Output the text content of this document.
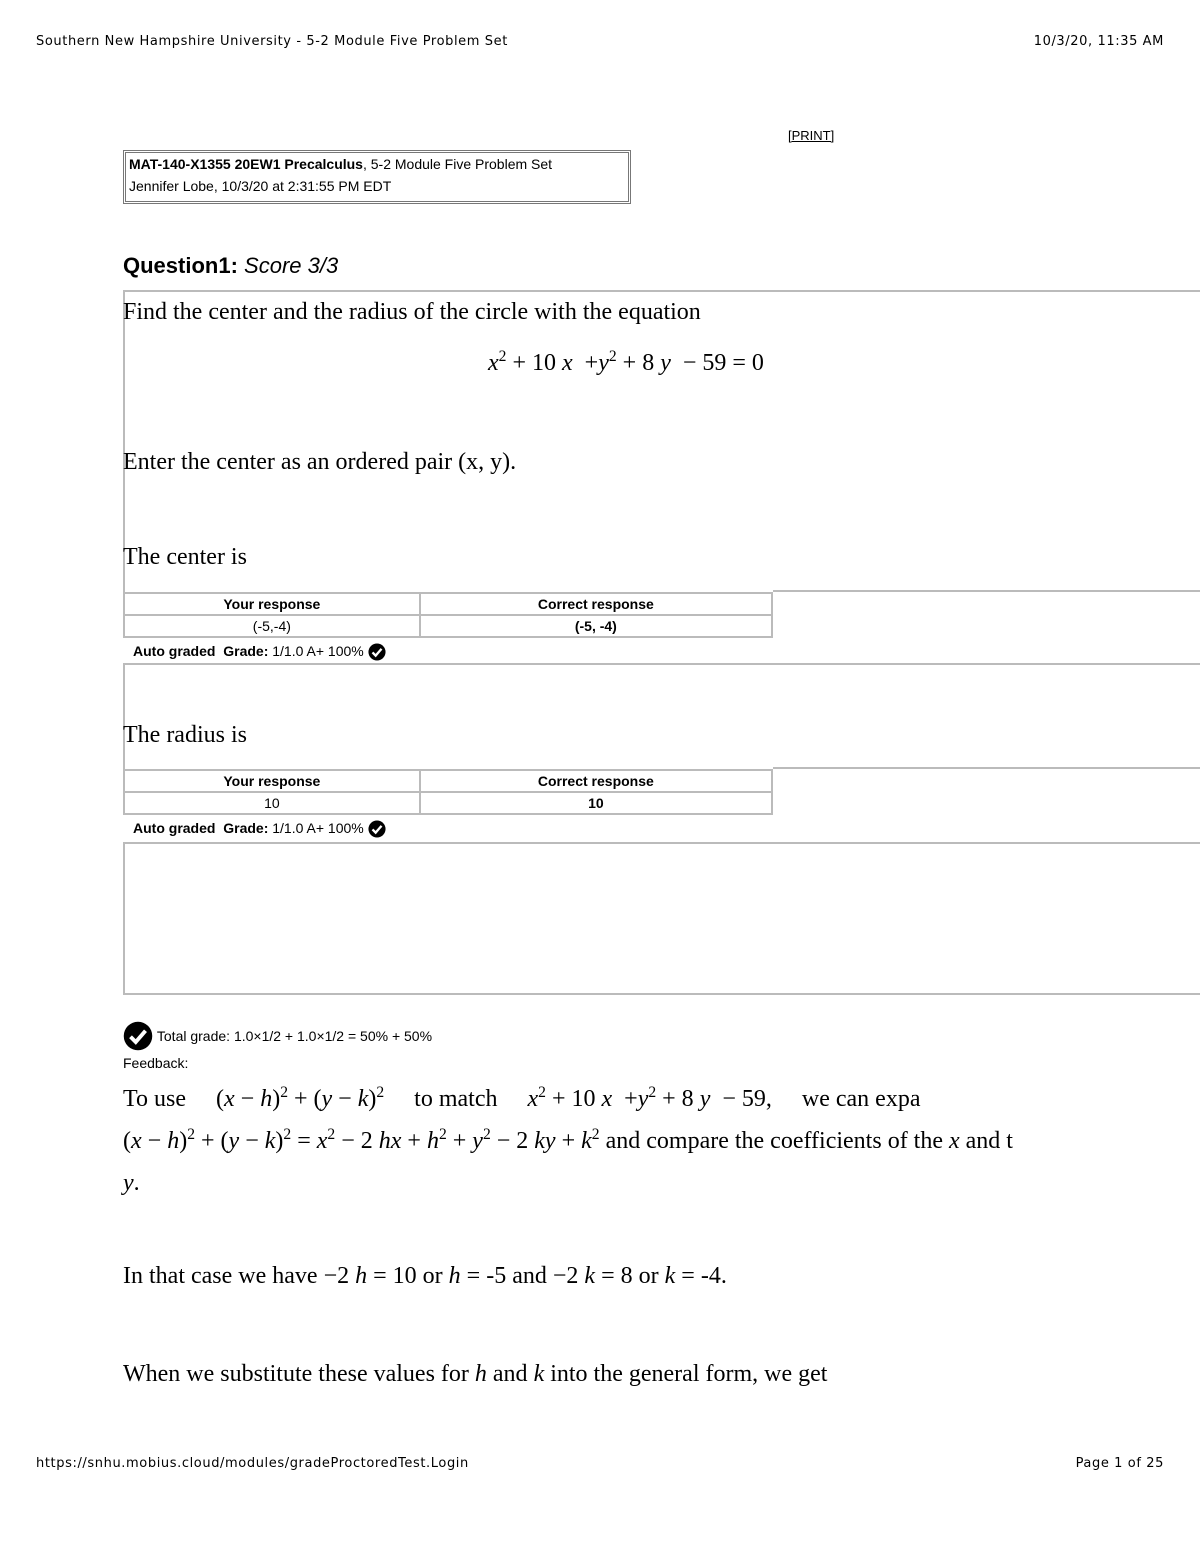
Southern New Hampshire University - 5-2 Module Five Problem Set	10/3/20, 11:35 AM
https://snhu.mobius.cloud/modules/gradeProctoredTest.Login	Page 1 of 25
[PRINT]
MAT-140-X1355 20EW1 Precalculus, 5-2 Module Five Problem Set
Jennifer Lobe, 10/3/20 at 2:31:55 PM EDT
Question1: Score 3/3
Find the center and the radius of the circle with the equation
$x^2 + 10$ $x +y^2 + 8$ y  − 59 = 0
Enter the center as an ordered pair (x, y).
The center is
Your response	Correct response
(-5,-4)	(-5, -4)
Auto graded Grade: 1/1.0 A+ 100%
The radius is
Your response	Correct response
10	10
Auto graded Grade: 1/1.0 A+ 100%
Total grade: 1.0×1/2 + 1.0×1/2 = 50% + 50%
Feedback:
To use     $(x - h)^2 + (y - k)^2$ to match $x^2 + 10$ $x +y^2 + 8$ y  − 59,     we can expa
$(x - h)^2 + (y - k)^2 = x^2 - 2$ hx + $h^2 + y^2 - 2$ ky + $k^2$ and compare the coefficients of the x and t
y.
In that case we have −2 h = 10 or h = -5 and −2 k = 8 or k = -4.
When we substitute these values for h and k into the general form, we get
